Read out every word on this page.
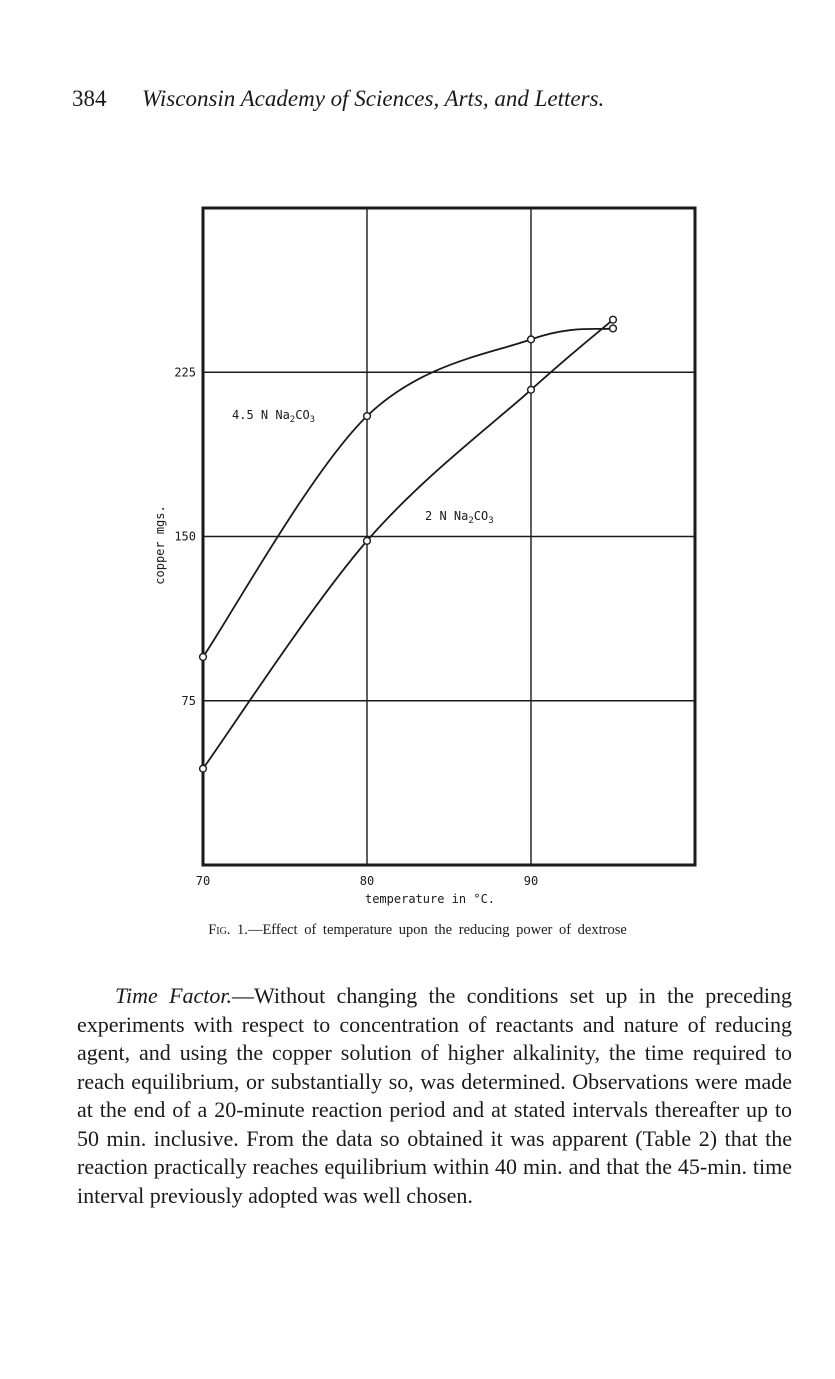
384 Wisconsin Academy of Sciences, Arts, and Letters.
70	80	90
75
150
225
copper mgs.
temperature in °C.
4.5 N $Na_2CO_3$
2 N $Na_2CO_3$
Fig. 1.—Effect of temperature upon the reducing power of dextrose

Time Factor.—Without changing the conditions set up in the preceding experiments with respect to concentration of reactants and nature of reducing agent, and using the copper solution of higher alkalinity, the time required to reach equilibrium, or substantially so, was determined. Observations were made at the end of a 20-minute reaction period and at stated intervals thereafter up to 50 min. inclusive. From the data so obtained it was apparent (Table 2) that the reaction practically reaches equilibrium within 40 min. and that the 45-min. time interval previously adopted was well chosen.
